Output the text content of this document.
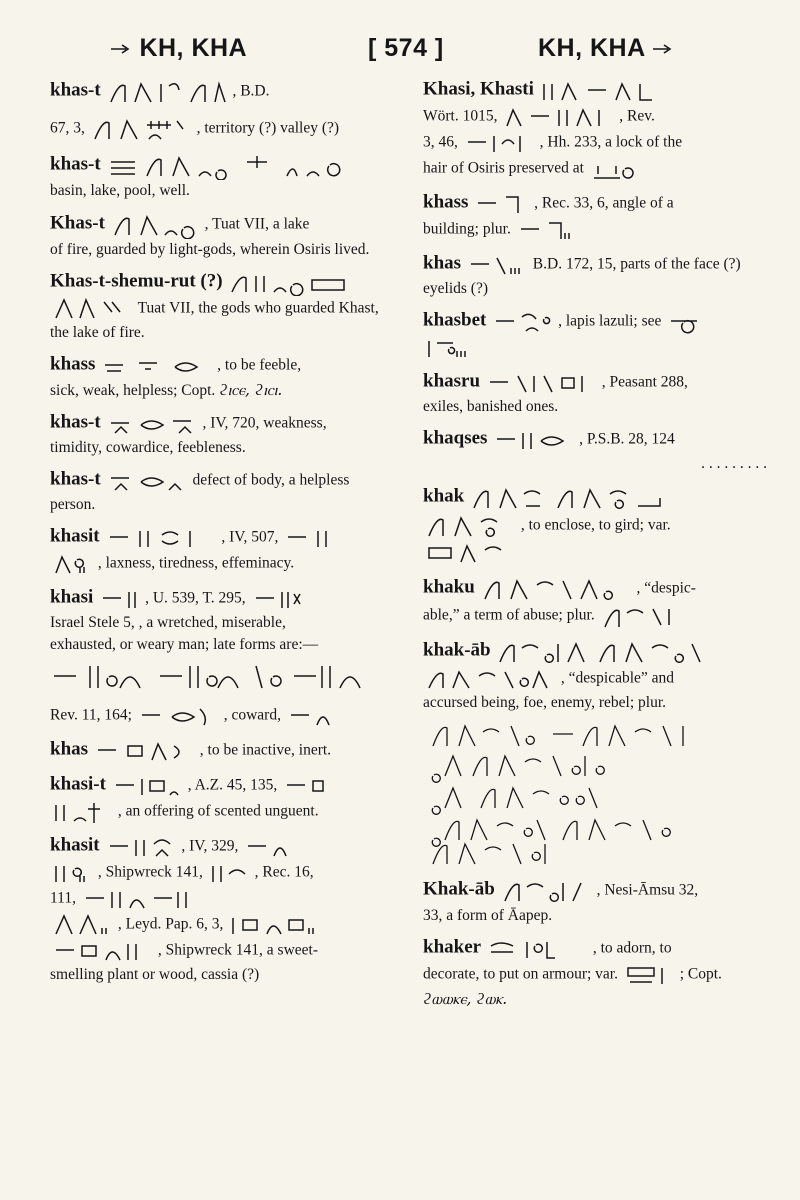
KH, KHA	[ 574 ]	KH, KHA
khas-t	, B.D.
67, 3,	, territory (?) valley (?)
khas-t
basin, lake, pool, well.
Khas-t	, Tuat VII, a lake
of fire, guarded by light-gods, wherein Osiris lived.
Khas-t-shemu-rut (?)
Tuat VII, the gods who guarded Khast, the lake of fire.
khass	, to be feeble,
sick, weak, helpless; Copt. ϩⲓⲥⲉ, ϩⲓⲥⲓ.
khas-t	, IV, 720, weakness,
timidity, cowardice, feebleness.
khas-t	defect of body, a helpless person.
khasit	, IV, 507,
, laxness, tiredness, effeminacy.
khasi	, U. 539, T. 295,
Israel Stele 5, , a wretched, miserable,
exhausted, or weary man; late forms are:—
Rev. 11, 164;	, coward,
khas	, to be inactive, inert.
khasi-t	, A.Z. 45, 135,
, an offering of scented unguent.
khasit	, IV, 329,
, Shipwreck 141,	, Rec. 16,
111,
, Leyd. Pap. 6, 3,
, Shipwreck 141, a sweet-
smelling plant or wood, cassia (?)
Khasi, Khasti
Wört. 1015,	, Rev.
3, 46,	, Hh. 233, a lock of the
hair of Osiris preserved at
khass	, Rec. 33, 6, angle of a
building; plur.
khas	B.D. 172, 15, parts of the face (?) eyelids (?)
khasbet	, lapis lazuli; see
khasru	, Peasant 288,
exiles, banished ones.
khaqses	, P.S.B. 28, 124
. . . . . . . . .
khak
, to enclose, to gird; var.
khaku	, “despic-
able,” a term of abuse; plur.
khak-āb
, “despicable” and
accursed being, foe, enemy, rebel; plur.
Khak-āb	, Nesi-Āmsu 32,
33, a form of Āapep.
khaker	, to adorn, to
decorate, to put on armour; var.	; Copt.
ϩⲱⲱⲕⲉ, ϩⲱⲕ.
